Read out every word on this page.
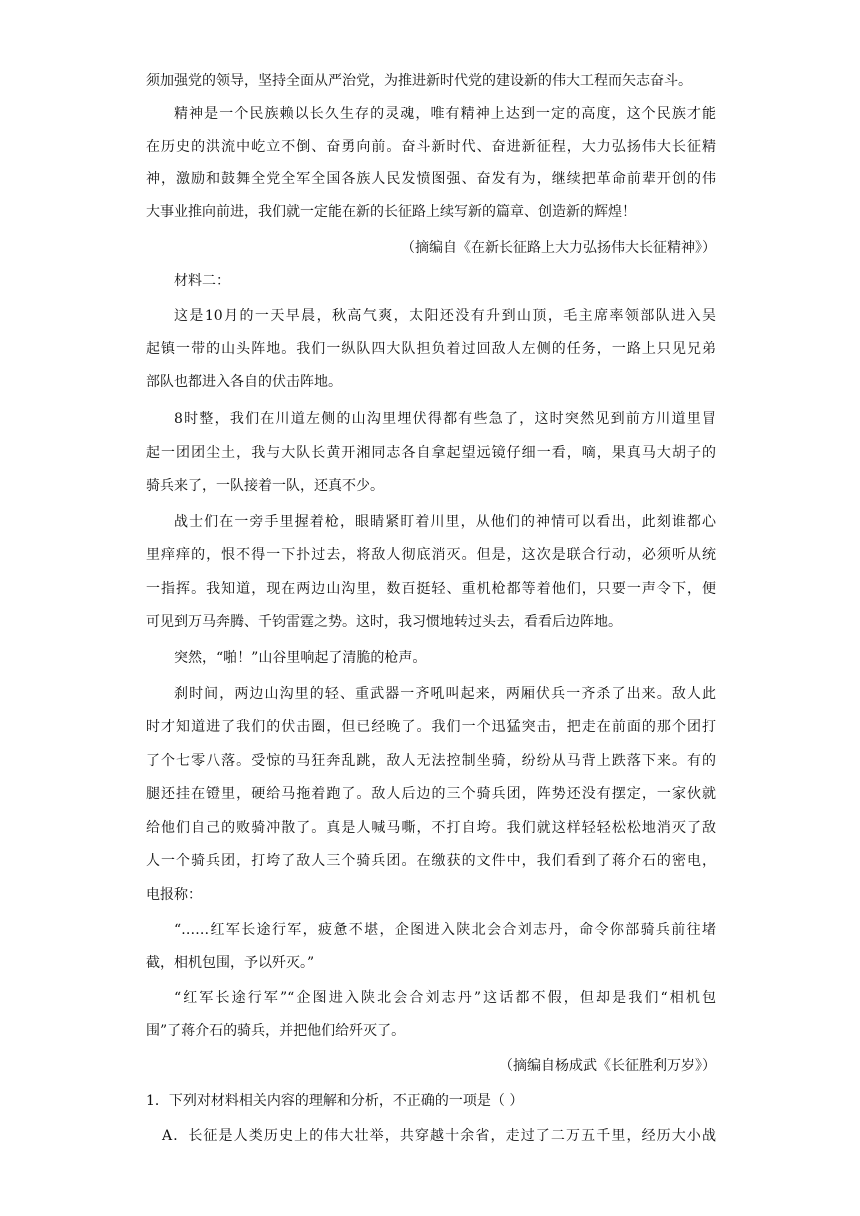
须加强党的领导，坚持全面从严治党，为推进新时代党的建设新的伟大工程而矢志奋斗。
精神是一个民族赖以长久生存的灵魂，唯有精神上达到一定的高度，这个民族才能
在历史的洪流中屹立不倒、奋勇向前。奋斗新时代、奋进新征程，大力弘扬伟大长征精
神，激励和鼓舞全党全军全国各族人民发愤图强、奋发有为，继续把革命前辈开创的伟
大事业推向前进，我们就一定能在新的长征路上续写新的篇章、创造新的辉煌！
（摘编自《在新长征路上大力弘扬伟大长征精神》）
材料二：
这是10月的一天早晨，秋高气爽，太阳还没有升到山顶，毛主席率领部队进入吴
起镇一带的山头阵地。我们一纵队四大队担负着过回敌人左侧的任务，一路上只见兄弟
部队也都进入各自的伏击阵地。
8时整，我们在川道左侧的山沟里埋伏得都有些急了，这时突然见到前方川道里冒
起一团团尘土，我与大队长黄开湘同志各自拿起望远镜仔细一看，嘀，果真马大胡子的
骑兵来了，一队接着一队，还真不少。
战士们在一旁手里握着枪，眼睛紧盯着川里，从他们的神情可以看出，此刻谁都心
里痒痒的，恨不得一下扑过去，将敌人彻底消灭。但是，这次是联合行动，必须听从统
一指挥。我知道，现在两边山沟里，数百挺轻、重机枪都等着他们，只要一声令下，便
可见到万马奔腾、千钧雷霆之势。这时，我习惯地转过头去，看看后边阵地。
突然，“啪！”山谷里响起了清脆的枪声。
刹时间，两边山沟里的轻、重武器一齐吼叫起来，两厢伏兵一齐杀了出来。敌人此
时才知道进了我们的伏击圈，但已经晚了。我们一个迅猛突击，把走在前面的那个团打
了个七零八落。受惊的马狂奔乱跳，敌人无法控制坐骑，纷纷从马背上跌落下来。有的
腿还挂在镫里，硬给马拖着跑了。敌人后边的三个骑兵团，阵势还没有摆定，一家伙就
给他们自己的败骑冲散了。真是人喊马嘶，不打自垮。我们就这样轻轻松松地消灭了敌
人一个骑兵团，打垮了敌人三个骑兵团。在缴获的文件中，我们看到了蒋介石的密电，
电报称：
“……红军长途行军，疲惫不堪，企图进入陕北会合刘志丹，命令你部骑兵前往堵
截，相机包围，予以歼灭。”
“红军长途行军”“企图进入陕北会合刘志丹”这话都不假，但却是我们“相机包
围”了蒋介石的骑兵，并把他们给歼灭了。
（摘编自杨成武《长征胜利万岁》）
1．下列对材料相关内容的理解和分析，不正确的一项是（ ）
A．长征是人类历史上的伟大壮举，共穿越十余省，走过了二万五千里，经历大小战
